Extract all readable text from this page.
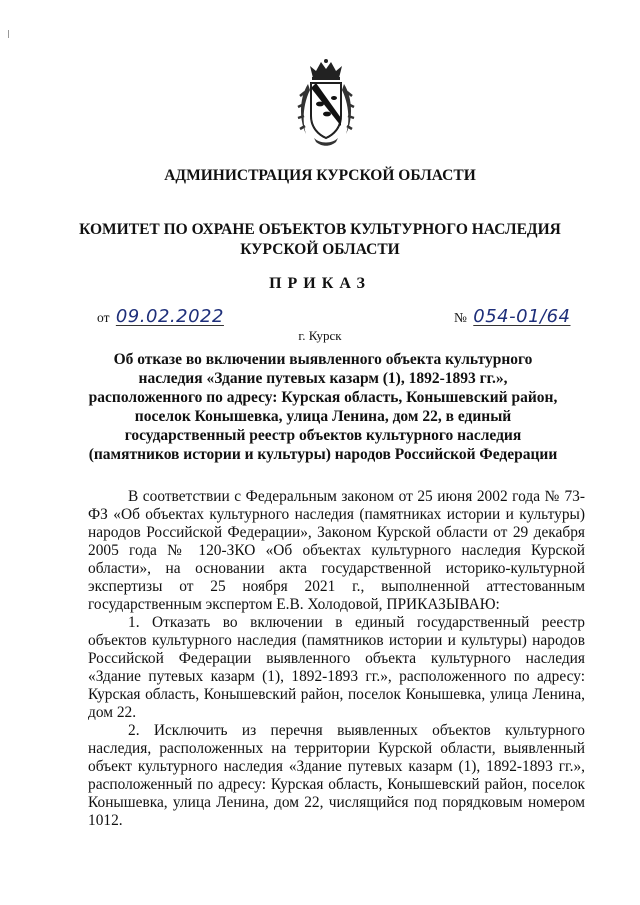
АДМИНИСТРАЦИЯ КУРСКОЙ ОБЛАСТИ
КОМИТЕТ ПО ОХРАНЕ ОБЪЕКТОВ КУЛЬТУРНОГО НАСЛЕДИЯ
КУРСКОЙ ОБЛАСТИ
ПРИКАЗ
от 09.02.2022	№ 054-01/64
г. Курск
Об отказе во включении выявленного объекта культурного наследия «Здание путевых казарм (1), 1892-1893 гг.», расположенного по адресу: Курская область, Конышевский район, поселок Конышевка, улица Ленина, дом 22, в единый государственный реестр объектов культурного наследия (памятников истории и культуры) народов Российской Федерации

В соответствии с Федеральным законом от 25 июня 2002 года № 73-ФЗ «Об объектах культурного наследия (памятниках истории и культуры) народов Российской Федерации», Законом Курской области от 29 декабря 2005 года № 120-ЗКО «Об объектах культурного наследия Курской области», на основании акта государственной историко-культурной экспертизы от 25 ноября 2021 г., выполненной аттестованным государственным экспертом Е.В. Холодовой, ПРИКАЗЫВАЮ:

1. Отказать во включении в единый государственный реестр объектов культурного наследия (памятников истории и культуры) народов Российской Федерации выявленного объекта культурного наследия «Здание путевых казарм (1), 1892-1893 гг.», расположенного по адресу: Курская область, Конышевский район, поселок Конышевка, улица Ленина, дом 22.

2. Исключить из перечня выявленных объектов культурного наследия, расположенных на территории Курской области, выявленный объект культурного наследия «Здание путевых казарм (1), 1892-1893 гг.», расположенный по адресу: Курская область, Конышевский район, поселок Конышевка, улица Ленина, дом 22, числящийся под порядковым номером 1012.
